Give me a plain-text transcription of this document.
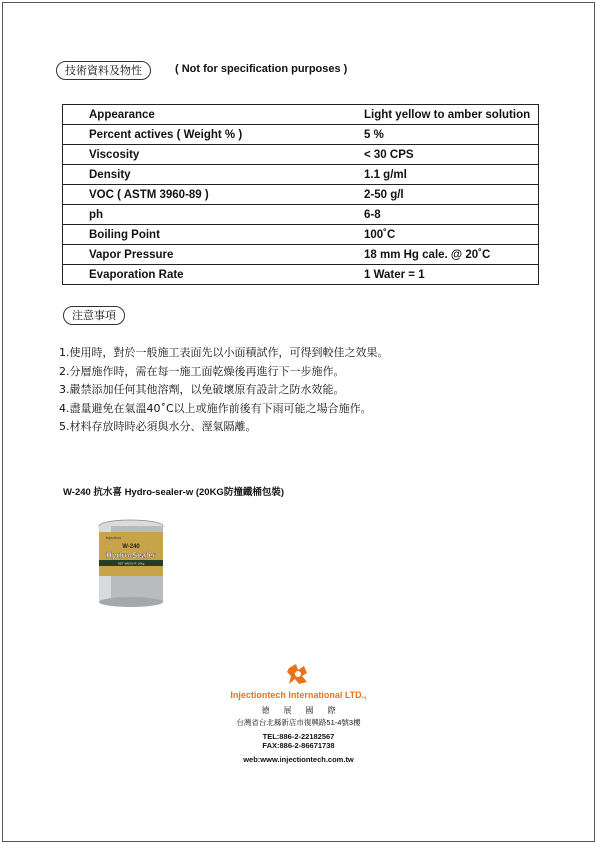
技術資料及物性	( Not for specification purposes )
Appearance	Light yellow to amber solution
Percent actives ( Weight % )	5 %
Viscosity	< 30 CPS
Density	1.1 g/ml
VOC ( ASTM 3960-89 )	2-50 g/l
ph	6-8
Boiling Point	100˚C
Vapor Pressure	18 mm Hg cale. @ 20˚C
Evaporation Rate	1 Water = 1
注意事項
1.使用時，對於一般施工表面先以小面積試作，可得到較佳之效果。
2.分層施作時，需在每一施工面乾燥後再進行下一步施作。
3.嚴禁添加任何其他溶劑，以免破壞原有設計之防水效能。
4.盡量避免在氣溫40˚C以上或施作前後有下雨可能之場合施作。
5.材料存放時時必須與水分、溼氣隔離。
W-240 抗水喜 Hydro-sealer-w (20KG防撞鐵桶包裝)
Injection
W-240
Hydro-Sealer
NET WEIGHT: 20kg
Injectiontech International LTD.,
德展國際
台灣省台北縣新店市復興路51-4號3樓
TEL:886-2-22182567
FAX:886-2-86671738
web:www.injectiontech.com.tw
